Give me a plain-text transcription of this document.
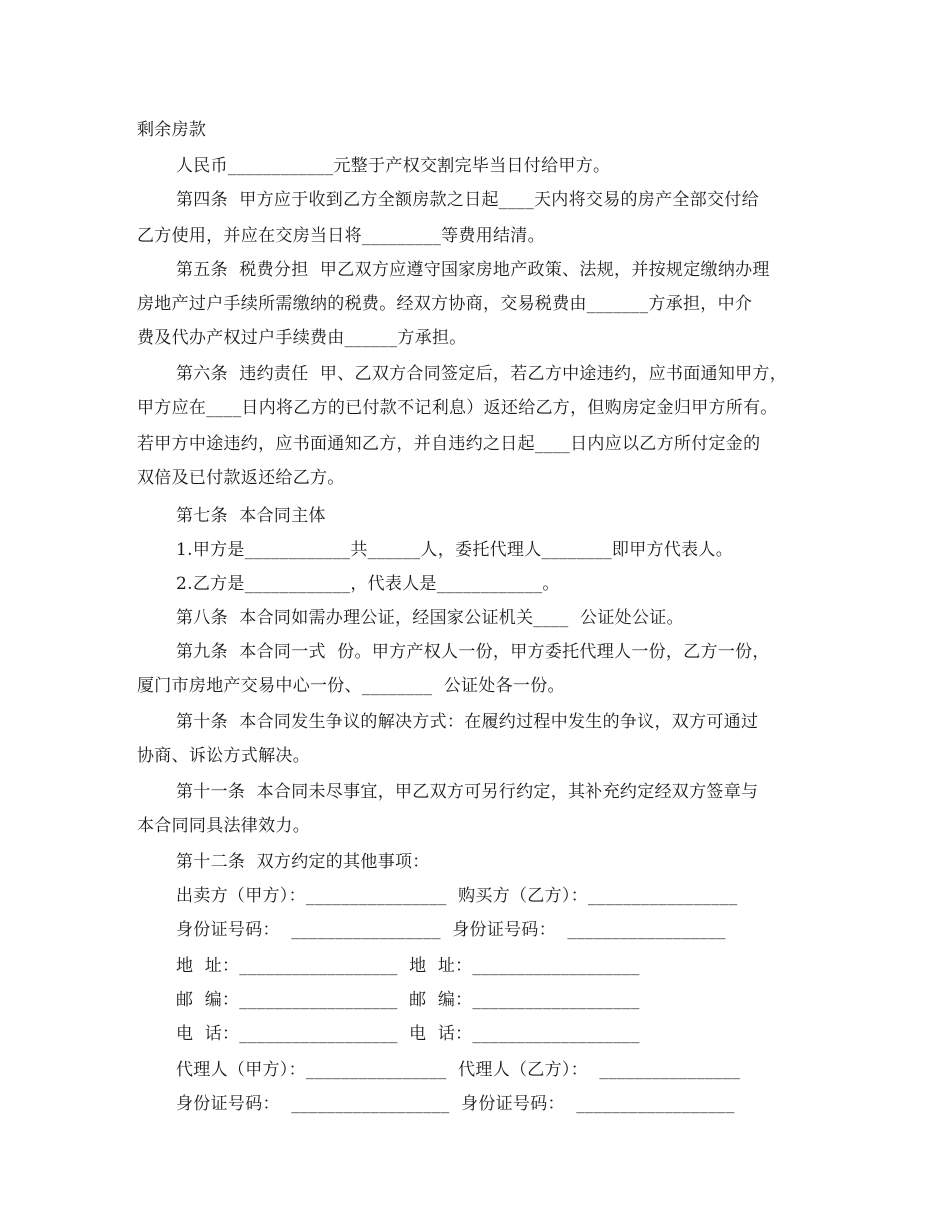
剩余房款
人民币____________元整于产权交割完毕当日付给甲方。
第四条  甲方应于收到乙方全额房款之日起____天内将交易的房产全部交付给
乙方使用，并应在交房当日将_________等费用结清。
第五条  税费分担  甲乙双方应遵守国家房地产政策、法规，并按规定缴纳办理
房地产过户手续所需缴纳的税费。经双方协商，交易税费由_______方承担，中介
费及代办产权过户手续费由______方承担。
第六条  违约责任  甲、乙双方合同签定后，若乙方中途违约，应书面通知甲方，
甲方应在____日内将乙方的已付款不记利息）返还给乙方，但购房定金归甲方所有。
若甲方中途违约，应书面通知乙方，并自违约之日起____日内应以乙方所付定金的
双倍及已付款返还给乙方。
第七条  本合同主体
1.甲方是____________共______人，委托代理人________即甲方代表人。
2.乙方是____________，代表人是____________。
第八条  本合同如需办理公证，经国家公证机关____  公证处公证。
第九条  本合同一式  份。甲方产权人一份，甲方委托代理人一份，乙方一份，
厦门市房地产交易中心一份、________  公证处各一份。
第十条  本合同发生争议的解决方式：在履约过程中发生的争议，双方可通过
协商、诉讼方式解决。
第十一条  本合同未尽事宜，甲乙双方可另行约定，其补充约定经双方签章与
本合同同具法律效力。
第十二条  双方约定的其他事项：
出卖方（甲方）：________________  购买方（乙方）：_________________
身份证号码：  _________________  身份证号码：  __________________
地  址：__________________  地  址：___________________
邮  编：__________________  邮  编：___________________
电  话：__________________  电  话：___________________
代理人（甲方）：________________  代理人（乙方）：  ________________
身份证号码：  __________________  身份证号码：  __________________
